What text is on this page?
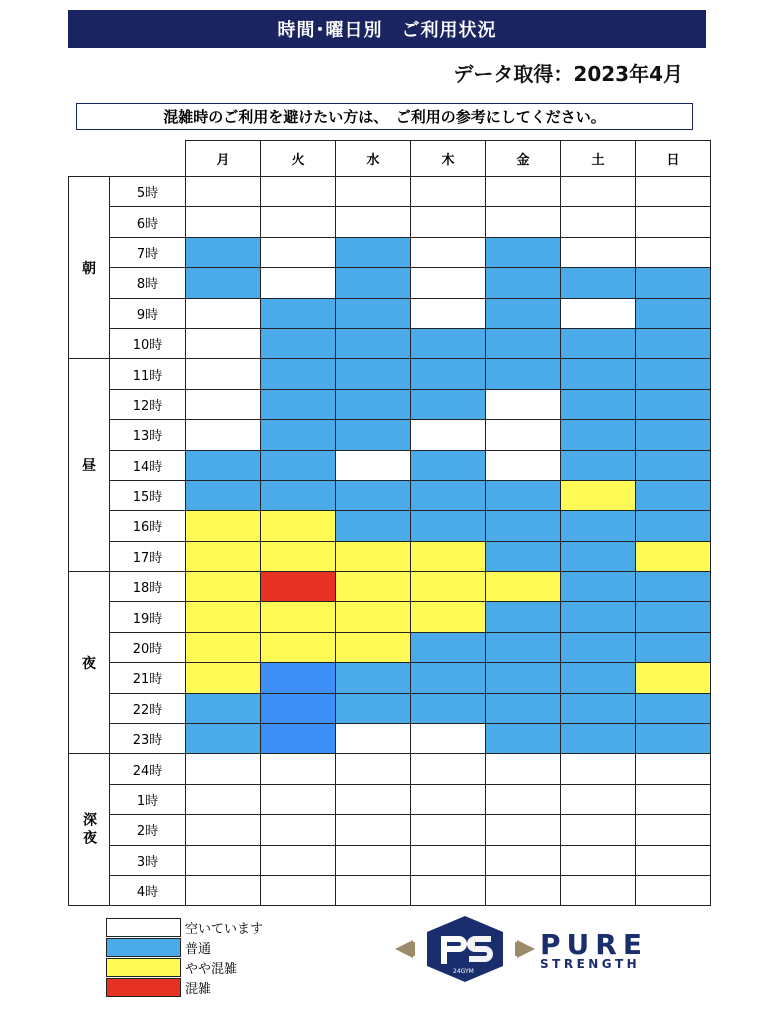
時間･曜日別　ご利用状況
データ取得：2023年4月
混雑時のご利用を避けたい方は、　ご利用の参考にしてください。
		月	火	水	木	金	土	日
朝	5時							
	6時							
	7時							
	8時							
	9時							
	10時							
昼	11時							
	12時							
	13時							
	14時							
	15時							
	16時							
	17時							
夜	18時							
	19時							
	20時							
	21時							
	22時							
	23時							
深夜	24時							
	1時							
	2時							
	3時							
	4時							
空いています
普通
やや混雑
混雑
24GYM
PURE
STRENGTH
